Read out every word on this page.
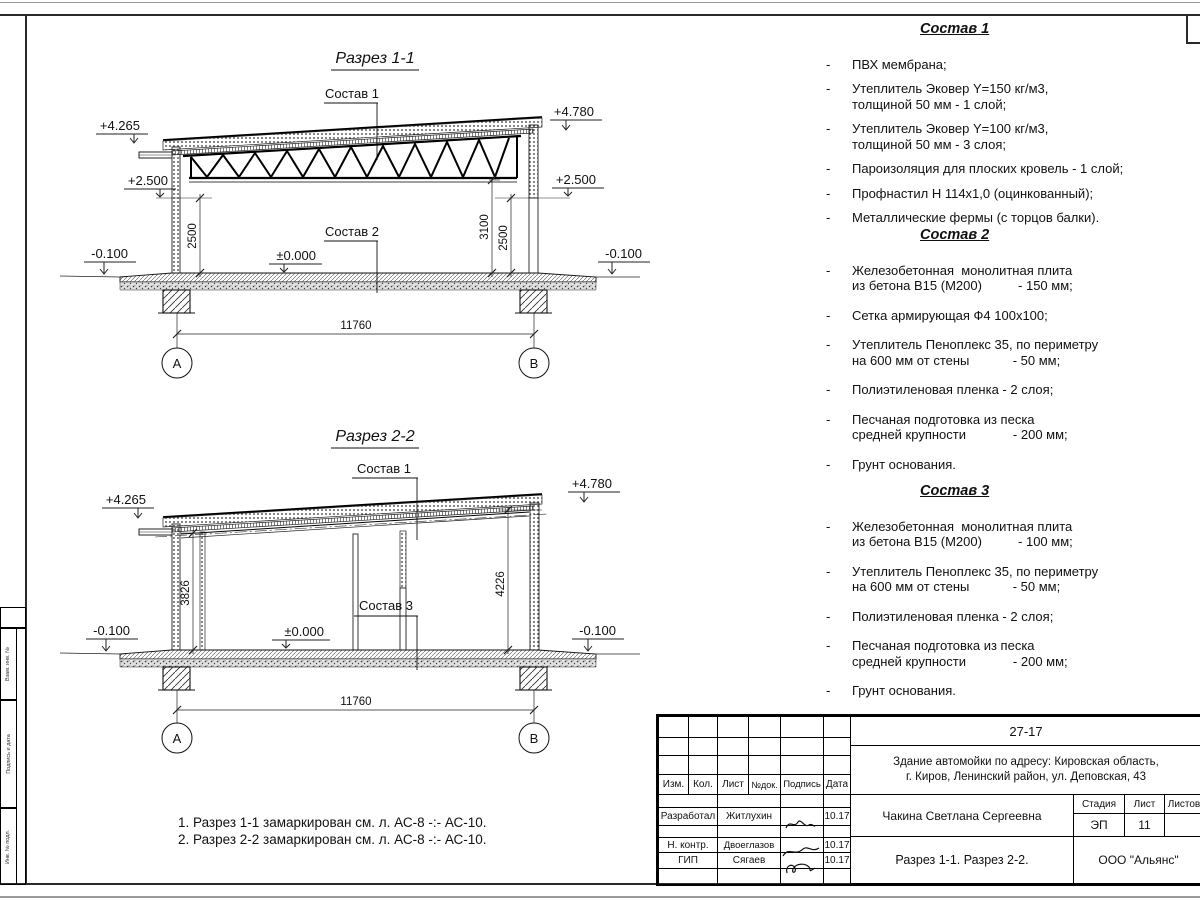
Взам. инв. №
Подпись и дата
Инв. № подл.
Разрез 1-1
Состав 1
11760
А	В
2500	3100 2500
+4.265
+2.500
-0.100	±0.000
+4.780
+2.500
-0.100
Состав 2
Разрез 2-2
Состав 1
11760
А	В
3826	4226
+4.265
+4.780
-0.100	±0.000	-0.100
Состав 3
Состав 1
-	ПВХ мембрана;
-	Утеплитель Эковер Y=150 кг/м3,
толщиной 50 мм - 1 слой;
-	Утеплитель Эковер Y=100 кг/м3,
толщиной 50 мм - 3 слоя;
-	Пароизоляция для плоских кровель - 1 слой;
-	Профнастил Н 114х1,0 (оцинкованный);
-	Металлические фермы (с торцов балки).
Состав 2
-	Железобетонная  монолитная плита
из бетона В15 (М200)          - 150 мм;
-	Сетка армирующая Ф4 100х100;
-	Утеплитель Пеноплекс 35, по периметру
на 600 мм от стены            - 50 мм;
-	Полиэтиленовая пленка - 2 слоя;
-	Песчаная подготовка из песка
средней крупности             - 200 мм;
-	Грунт основания.
Состав 3
-	Железобетонная  монолитная плита
из бетона В15 (М200)          - 100 мм;
-	Утеплитель Пеноплекс 35, по периметру
на 600 мм от стены            - 50 мм;
-	Полиэтиленовая пленка - 2 слоя;
-	Песчаная подготовка из песка
средней крупности             - 200 мм;
-	Грунт основания.
1. Разрез 1-1 замаркирован см. л. АС-8 -:- АС-10.
2. Разрез 2-2 замаркирован см. л. АС-8 -:- АС-10.

Изм.	Кол.	Лист	№док.	Подпись	Дата

Разработал		Житлухин			10.17

Н. контр.		Двоеглазов			10.17
ГИП		Сягаев			10.17

27-17
Здание автомойки по адресу: Кировская область,
г. Киров, Ленинский район, ул. Деповская, 43
Чакина Светлана Сергеевна
Стадия	Лист	Листов
ЭП	11
Разрез 1-1. Разрез 2-2.	ООО "Альянс"
